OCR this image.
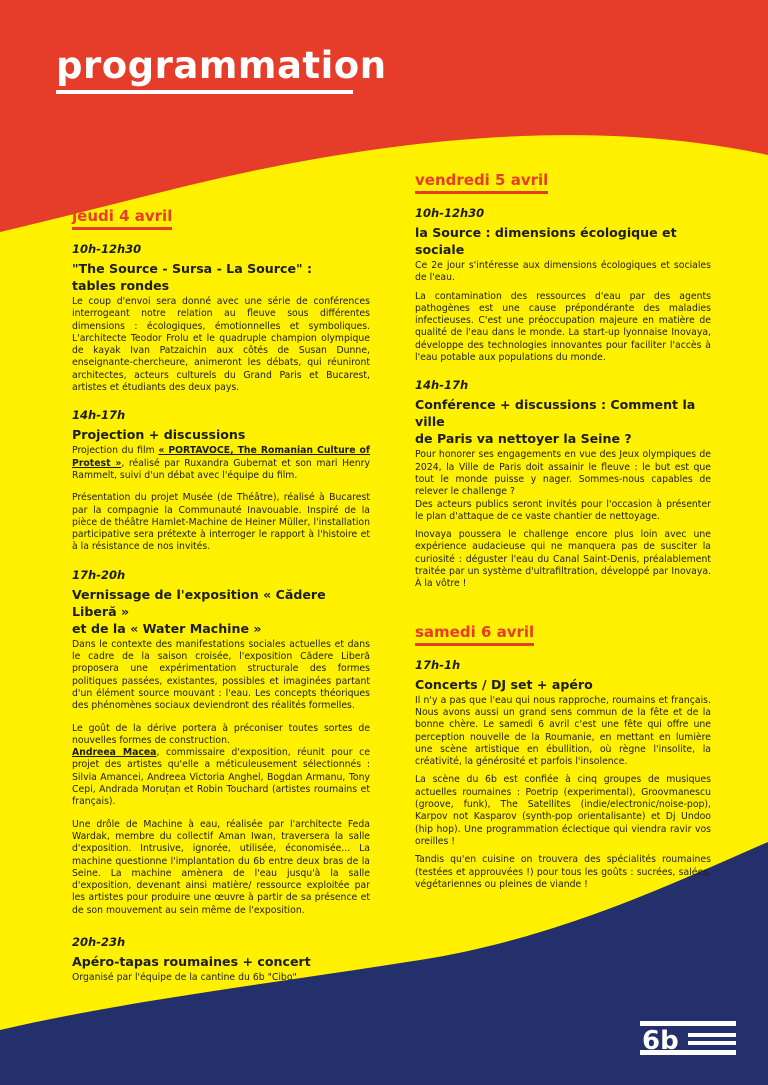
programmation
jeudi 4 avril
10h-12h30
"The Source - Sursa - La Source" :
tables rondes

Le coup d'envoi sera donné avec une série de conférences interrogeant notre relation au fleuve sous différentes dimensions : écologiques, émotionnelles et symboliques. L'architecte Teodor Frolu et le quadruple champion olympique de kayak Ivan Patzaichin aux côtés de Susan Dunne, enseignante-chercheure, animeront les débats, qui réuniront architectes, acteurs culturels du Grand Paris et Bucarest, artistes et étudiants des deux pays.

14h-17h
Projection + discussions

Projection du film « PORTAVOCE, The Romanian Culture of Protest », réalisé par Ruxandra Gubernat et son mari Henry Rammelt, suivi d'un débat avec l'équipe du film.

Présentation du projet Musée (de Théâtre), réalisé à Bucarest par la compagnie la Communauté Inavouable. Inspiré de la pièce de théâtre Hamlet-Machine de Heiner Müller, l'installation participative sera prétexte à interroger le rapport à l'histoire et à la résistance de nos invités.

17h-20h
Vernissage de l'exposition « Cădere Liberă »
et de la « Water Machine »

Dans le contexte des manifestations sociales actuelles et dans le cadre de la saison croisée, l'exposition Cădere Liberă proposera une expérimentation structurale des formes politiques passées, existantes, possibles et imaginées partant d'un élément source mouvant : l'eau. Les concepts théoriques des phénomènes sociaux deviendront des réalités formelles.

Le goût de la dérive portera à préconiser toutes sortes de nouvelles formes de construction.
Andreea Macea, commissaire d'exposition, réunit pour ce projet des artistes qu'elle a méticuleusement sélectionnés : Silvia Amancei, Andreea Victoria Anghel, Bogdan Armanu, Tony Cepi, Andrada Moruțan et Robin Touchard (artistes roumains et français).

Une drôle de Machine à eau, réalisée par l'architecte Feda Wardak, membre du collectif Aman Iwan, traversera la salle d'exposition. Intrusive, ignorée, utilisée, économisée... La machine questionne l'implantation du 6b entre deux bras de la Seine. La machine amènera de l'eau jusqu'à la salle d'exposition, devenant ainsi matière/ ressource exploitée par les artistes pour produire une œuvre à partir de sa présence et de son mouvement au sein même de l'exposition.

20h-23h
Apéro-tapas roumaines + concert

Organisé par l'équipe de la cantine du 6b "Cibo"

vendredi 5 avril
10h-12h30
la Source : dimensions écologique et sociale

Ce 2e jour s'intéresse aux dimensions écologiques et sociales de l'eau.

La contamination des ressources d'eau par des agents pathogènes est une cause prépondérante des maladies infectieuses. C'est une préoccupation majeure en matière de qualité de l'eau dans le monde. La start-up lyonnaise Inovaya, développe des technologies innovantes pour faciliter l'accès à l'eau potable aux populations du monde.

14h-17h
Conférence + discussions : Comment la ville
de Paris va nettoyer la Seine ?

Pour honorer ses engagements en vue des Jeux olympiques de 2024, la Ville de Paris doit assainir le fleuve : le but est que tout le monde puisse y nager. Sommes-nous capables de relever le challenge ?

Des acteurs publics seront invités pour l'occasion à présenter le plan d'attaque de ce vaste chantier de nettoyage.

Inovaya poussera le challenge encore plus loin avec une expérience audacieuse qui ne manquera pas de susciter la curiosité : déguster l'eau du Canal Saint-Denis, préalablement traitée par un système d'ultrafiltration, développé par Inovaya. À la vôtre !

samedi 6 avril
17h-1h
Concerts / DJ set + apéro

Il n'y a pas que l'eau qui nous rapproche, roumains et français. Nous avons aussi un grand sens commun de la fête et de la bonne chère. Le samedi 6 avril c'est une fête qui offre une perception nouvelle de la Roumanie, en mettant en lumière une scène artistique en ébullition, où règne l'insolite, la créativité, la générosité et parfois l'insolence.

La scène du 6b est confiée à cinq groupes de musiques actuelles roumaines : Poetrip (experimental), Groovmanescu (groove, funk), The Satellites (indie/electronic/noise-pop), Karpov not Kasparov (synth-pop orientalisante) et Dj Undoo (hip hop). Une programmation éclectique qui viendra ravir vos oreilles !

Tandis qu'en cuisine on trouvera des spécialités roumaines (testées et approuvées !) pour tous les goûts : sucrées, salées, végétariennes ou pleines de viande !

6b
